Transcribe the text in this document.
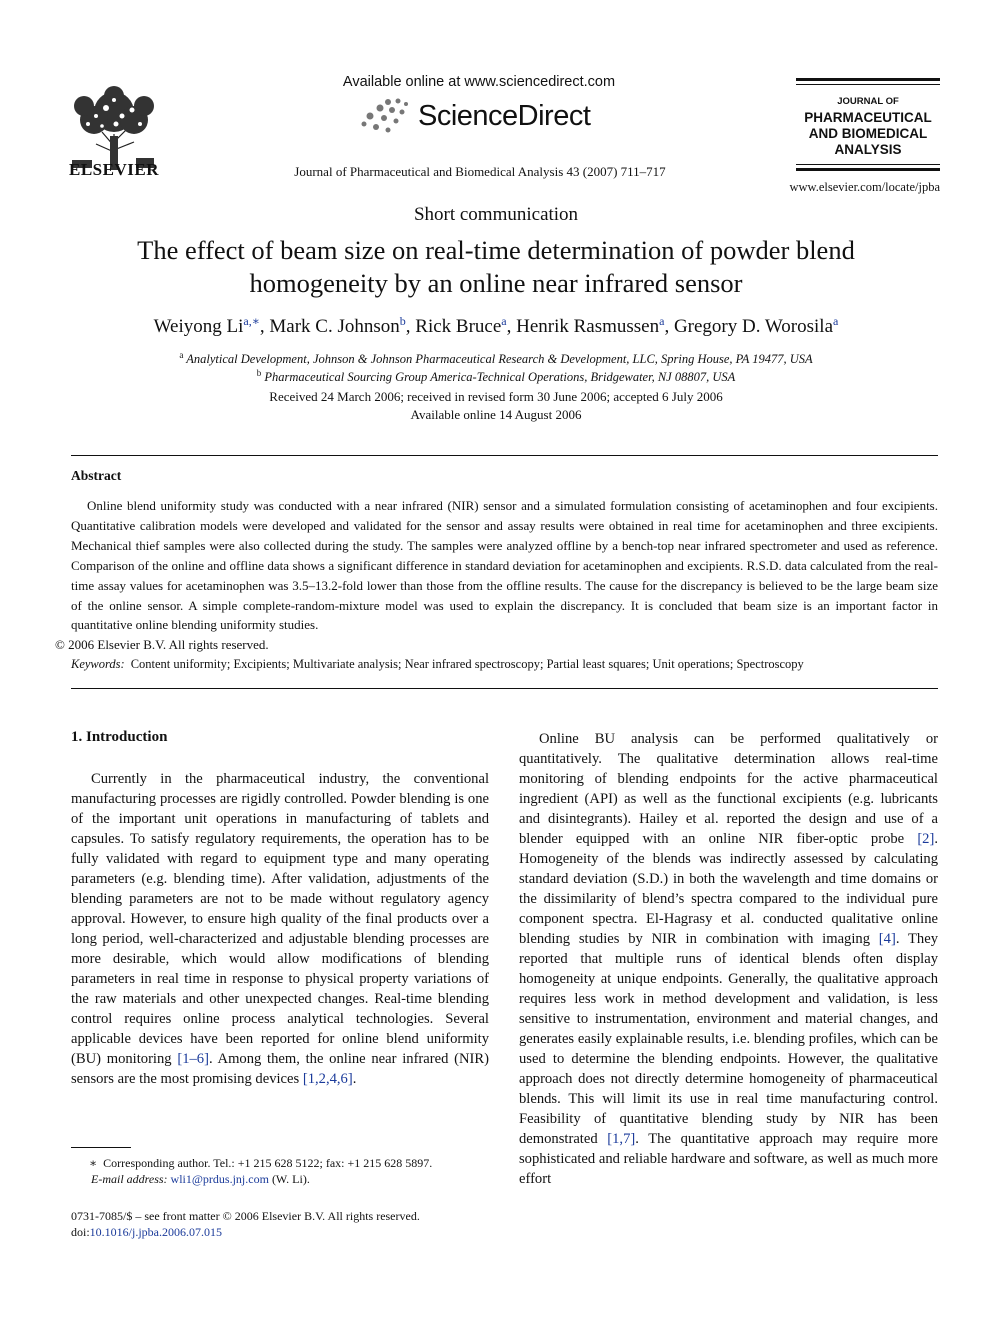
ELSEVIER
Available online at www.sciencedirect.com
ScienceDirect
Journal of Pharmaceutical and Biomedical Analysis 43 (2007) 711–717
JOURNAL OF
PHARMACEUTICAL
AND BIOMEDICAL
ANALYSIS
www.elsevier.com/locate/jpba
Short communication
The effect of beam size on real-time determination of powder blend
homogeneity by an online near infrared sensor
Weiyong $Li^{a,∗}$, Mark C. Johnson$^b$, Rick Bruce$^a$, Henrik Rasmussen$^a$, Gregory D. Worosila$^a$
$^a$ Analytical Development, Johnson & Johnson Pharmaceutical Research & Development, LLC, Spring House, PA 19477, USA
$^b$ Pharmaceutical Sourcing Group America-Technical Operations, Bridgewater, NJ 08807, USA
Received 24 March 2006; received in revised form 30 June 2006; accepted 6 July 2006
Available online 14 August 2006
Abstract
Online blend uniformity study was conducted with a near infrared (NIR) sensor and a simulated formulation consisting of acetaminophen and four excipients. Quantitative calibration models were developed and validated for the sensor and assay results were obtained in real time for acetaminophen and three excipients. Mechanical thief samples were also collected during the study. The samples were analyzed offline by a bench-top near infrared spectrometer and used as reference. Comparison of the online and offline data shows a significant difference in standard deviation for acetaminophen and excipients. R.S.D. data calculated from the real-time assay values for acetaminophen was 3.5–13.2-fold lower than those from the offline results. The cause for the discrepancy is believed to be the large beam size of the online sensor. A simple complete-random-mixture model was used to explain the discrepancy. It is concluded that beam size is an important factor in quantitative online blending uniformity studies.
© 2006 Elsevier B.V. All rights reserved.
Keywords: Content uniformity; Excipients; Multivariate analysis; Near infrared spectroscopy; Partial least squares; Unit operations; Spectroscopy
1. Introduction
Currently in the pharmaceutical industry, the conventional manufacturing processes are rigidly controlled. Powder blending is one of the important unit operations in manufacturing of tablets and capsules. To satisfy regulatory requirements, the operation has to be fully validated with regard to equipment type and many operating parameters (e.g. blending time). After validation, adjustments of the blending parameters are not to be made without regulatory agency approval. However, to ensure high quality of the final products over a long period, well-characterized and adjustable blending processes are more desirable, which would allow modifications of blending parameters in real time in response to physical property variations of the raw materials and other unexpected changes. Real-time blending control requires online process analytical technologies. Several applicable devices have been reported for online blend uniformity (BU) monitoring [1–6]. Among them, the online near infrared (NIR) sensors are the most promising devices [1,2,4,6].
Online BU analysis can be performed qualitatively or quantitatively. The qualitative determination allows real-time monitoring of blending endpoints for the active pharmaceutical ingredient (API) as well as the functional excipients (e.g. lubricants and disintegrants). Hailey et al. reported the design and use of a blender equipped with an online NIR fiber-optic probe [2]. Homogeneity of the blends was indirectly assessed by calculating standard deviation (S.D.) in both the wavelength and time domains or the dissimilarity of blend’s spectra compared to the individual pure component spectra. El-Hagrasy et al. conducted qualitative online blending studies by NIR in combination with imaging [4]. They reported that multiple runs of identical blends often display homogeneity at unique endpoints. Generally, the qualitative approach requires less work in method development and validation, is less sensitive to instrumentation, environment and material changes, and generates easily explainable results, i.e. blending profiles, which can be used to determine the blending endpoints. However, the qualitative approach does not directly determine homogeneity of pharmaceutical blends. This will limit its use in real time manufacturing control. Feasibility of quantitative blending study by NIR has been demonstrated [1,7]. The quantitative approach may require more sophisticated and reliable hardware and software, as well as much more effort
∗ Corresponding author. Tel.: +1 215 628 5122; fax: +1 215 628 5897.
E-mail address: wli1@prdus.jnj.com (W. Li).
0731-7085/$ – see front matter © 2006 Elsevier B.V. All rights reserved.
doi:10.1016/j.jpba.2006.07.015
